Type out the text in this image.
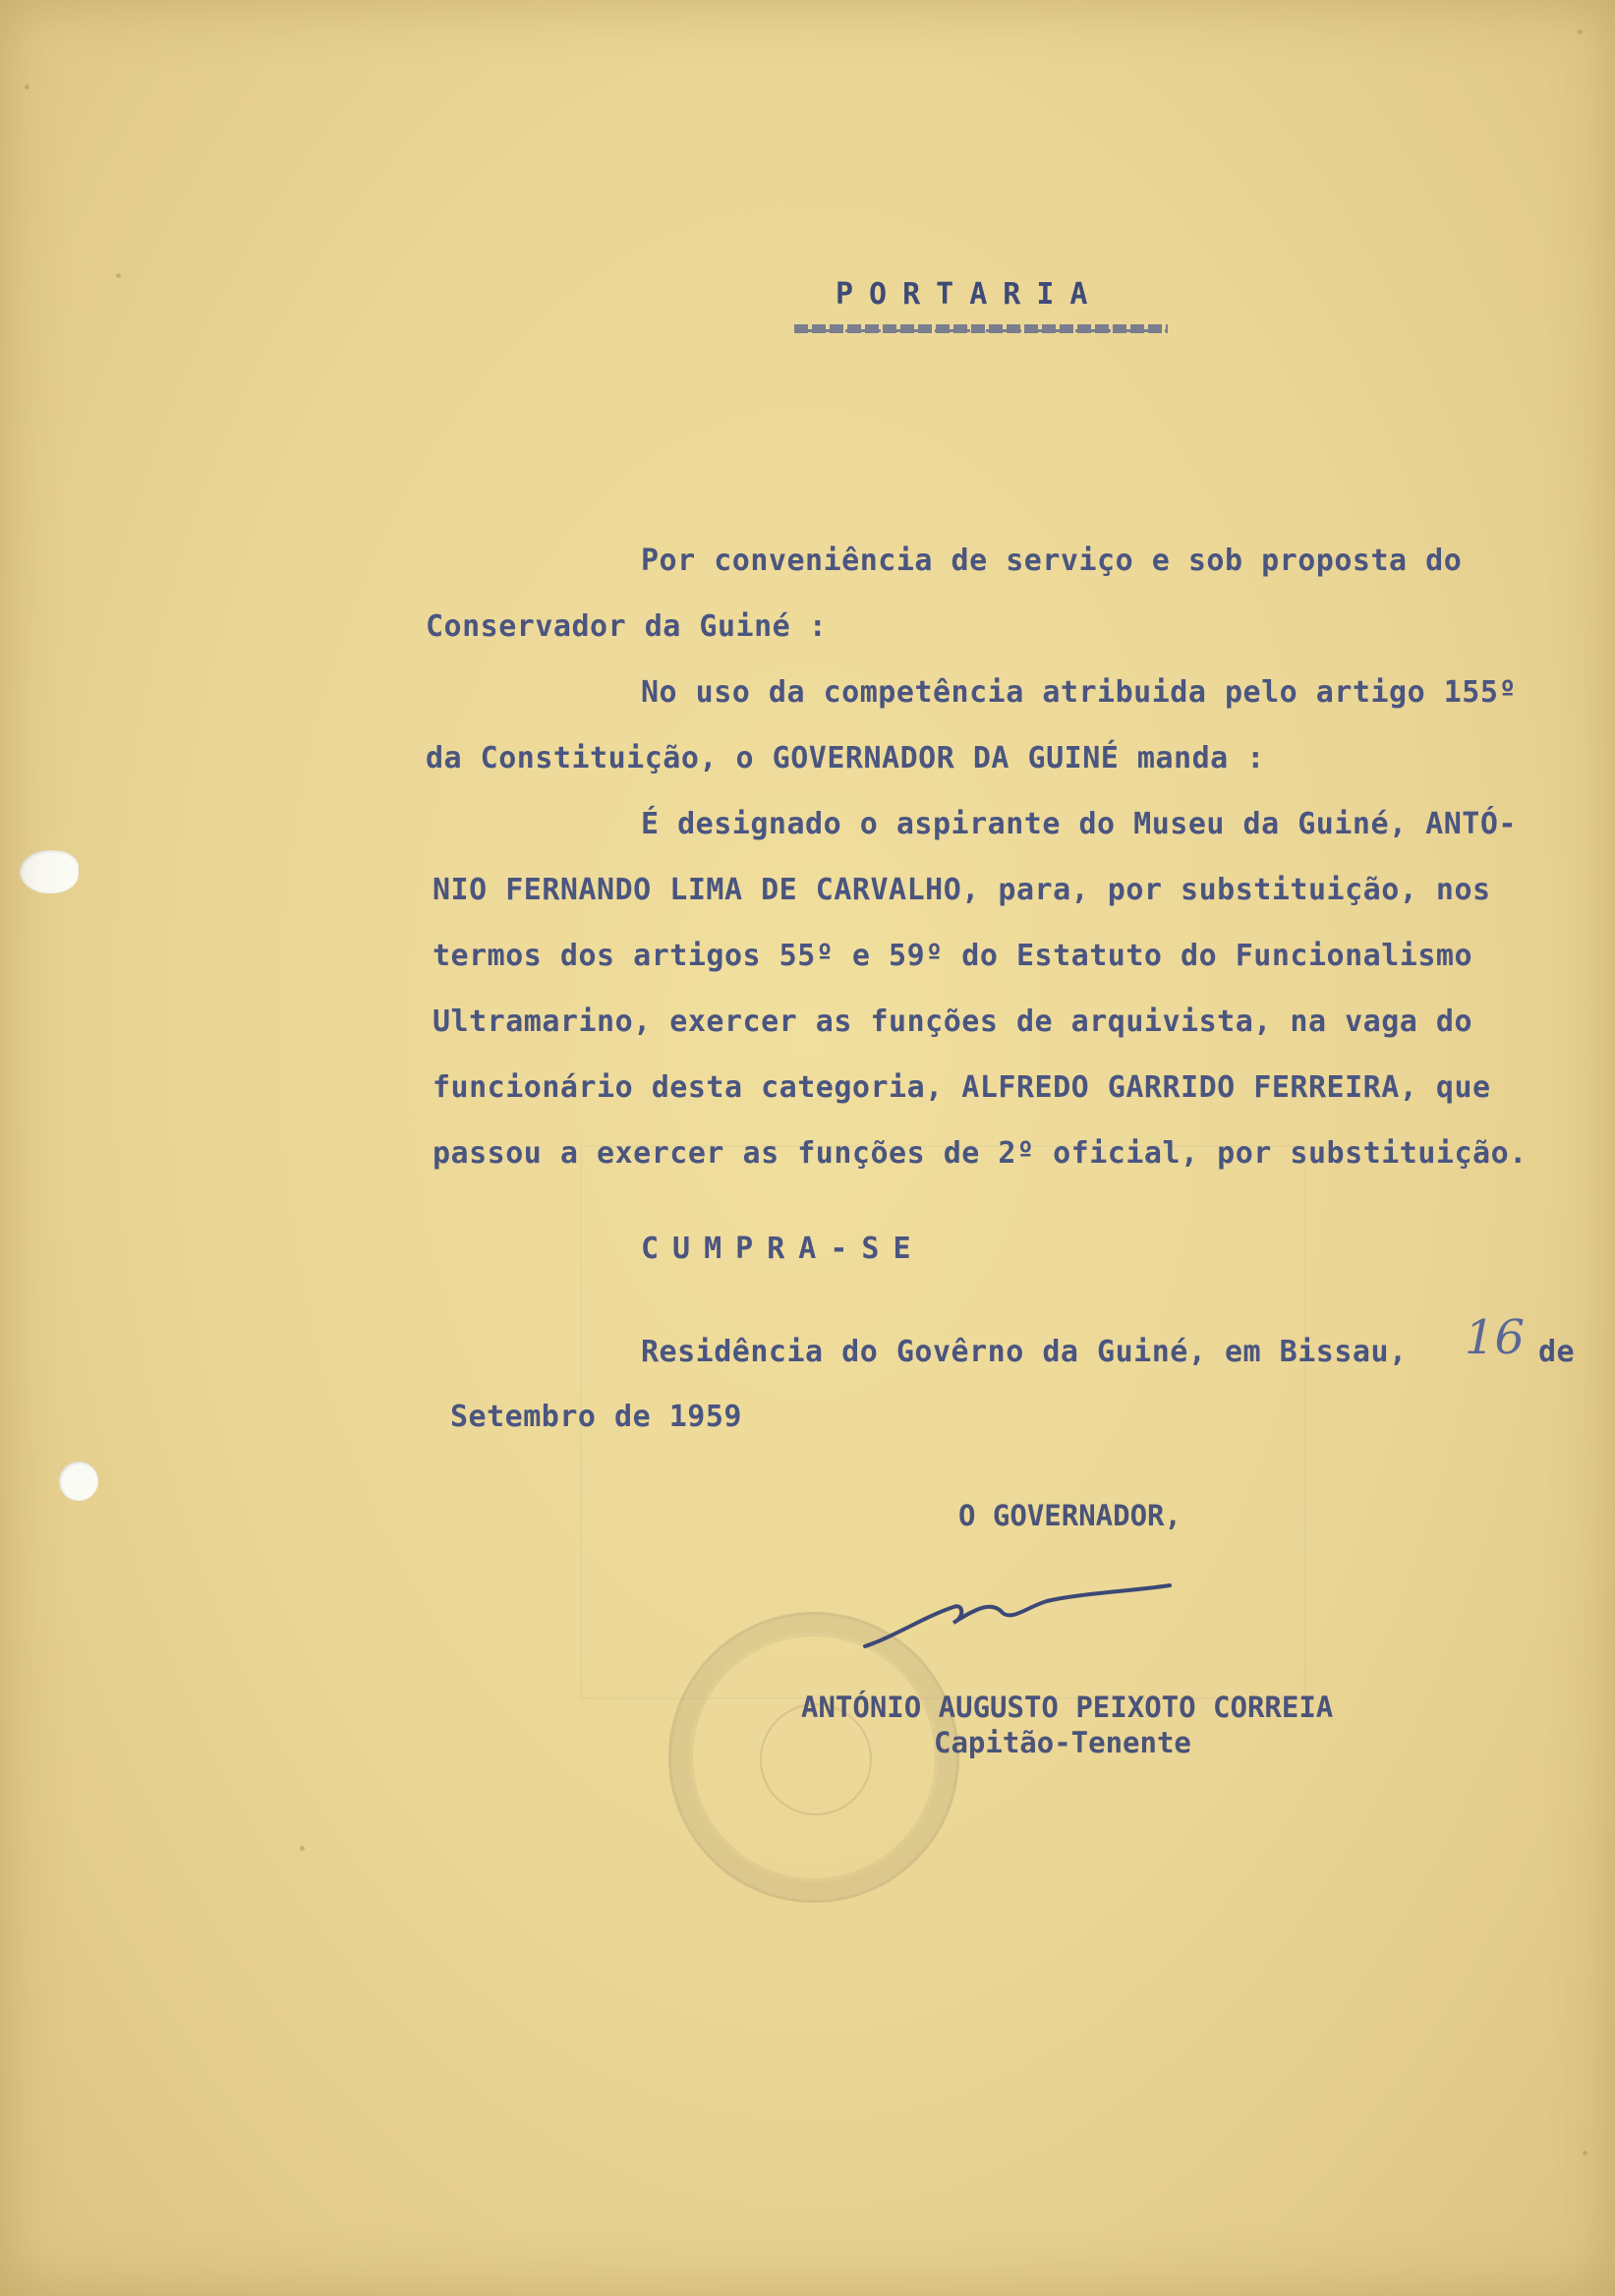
PORTARIA
Por conveniência de serviço e sob proposta do
Conservador da Guiné :
No uso da competência atribuida pelo artigo 155º
da Constituição, o GOVERNADOR DA GUINÉ manda :
É designado o aspirante do Museu da Guiné, ANTÓ-
NIO FERNANDO LIMA DE CARVALHO, para, por substituição, nos
termos dos artigos 55º e 59º do Estatuto do Funcionalismo
Ultramarino, exercer as funções de arquivista, na vaga do
funcionário desta categoria, ALFREDO GARRIDO FERREIRA, que
passou a exercer as funções de 2º oficial, por substituição.
CUMPRA-SE
Residência do Govêrno da Guiné, em Bissau, 16 de
Setembro de 1959
O GOVERNADOR,
ANTÓNIO AUGUSTO PEIXOTO CORREIA
Capitão-Tenente
